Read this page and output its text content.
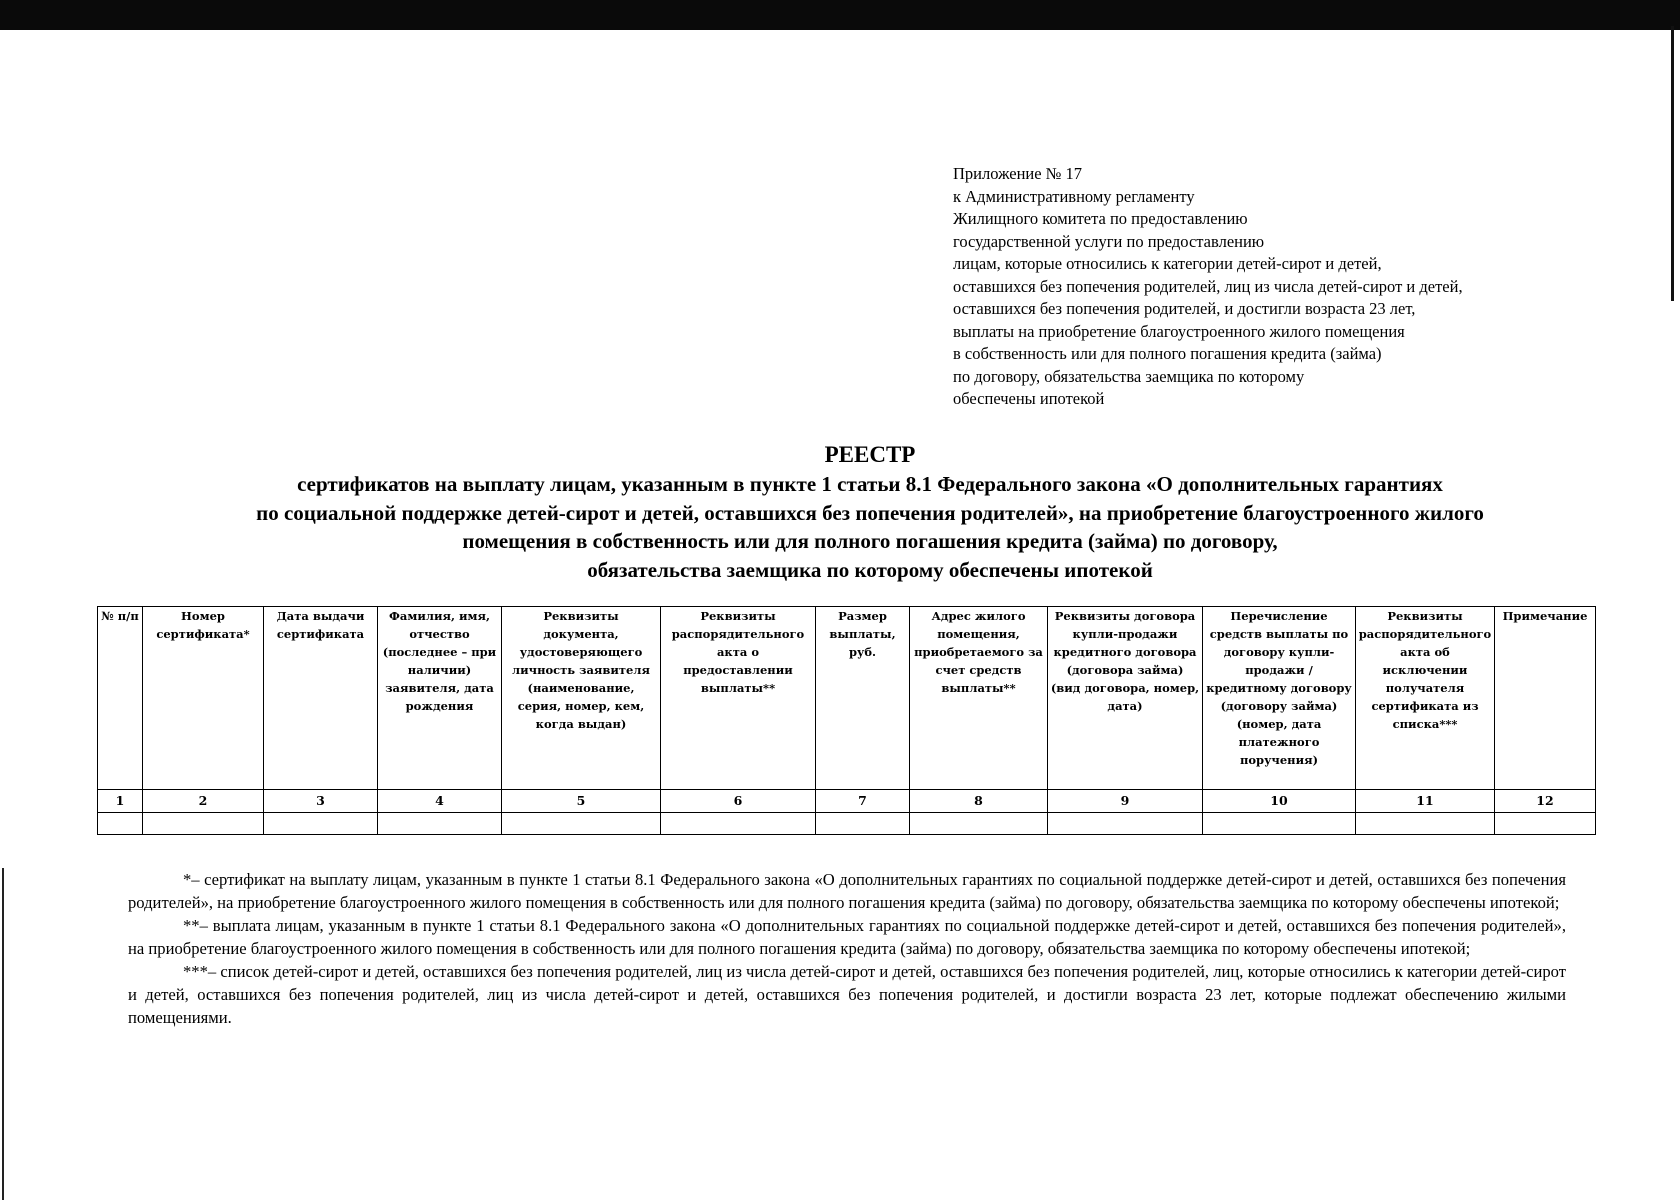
Приложение № 17
к Административному регламенту
Жилищного комитета по предоставлению
государственной услуги по предоставлению
лицам, которые относились к категории детей-сирот и детей,
оставшихся без попечения родителей, лиц из числа детей-сирот и детей,
оставшихся без попечения родителей, и достигли возраста 23 лет,
выплаты на приобретение благоустроенного жилого помещения
в собственность или для полного погашения кредита (займа)
по договору, обязательства заемщика по которому
обеспечены ипотекой
РЕЕСТР
сертификатов на выплату лицам, указанным в пункте 1 статьи 8.1 Федерального закона «О дополнительных гарантиях
по социальной поддержке детей-сирот и детей, оставшихся без попечения родителей», на приобретение благоустроенного жилого
помещения в собственность или для полного погашения кредита (займа) по договору,
обязательства заемщика по которому обеспечены ипотекой
№ п/п	Номер сертификата*	Дата выдачи сертификата	Фамилия, имя, отчество (последнее – при наличии) заявителя, дата рождения	Реквизиты документа, удостоверяющего личность заявителя (наименование, серия, номер, кем, когда выдан)	Реквизиты распорядительного акта о предоставлении выплаты**	Размер выплаты, руб.	Адрес жилого помещения, приобретаемого за счет средств выплаты**	Реквизиты договора купли-продажи кредитного договора (договора займа) (вид договора, номер, дата)	Перечисление средств выплаты по договору купли-продажи / кредитному договору (договору займа) (номер, дата платежного поручения)	Реквизиты распорядительного акта об исключении получателя сертификата из списка***	Примечание
1	2	3	4	5	6	7	8	9	10	11	12

*– сертификат на выплату лицам, указанным в пункте 1 статьи 8.1 Федерального закона «О дополнительных гарантиях по социальной поддержке детей-сирот и детей, оставшихся без попечения родителей», на приобретение благоустроенного жилого помещения в собственность или для полного погашения кредита (займа) по договору, обязательства заемщика по которому обеспечены ипотекой;

**– выплата лицам, указанным в пункте 1 статьи 8.1 Федерального закона «О дополнительных гарантиях по социальной поддержке детей-сирот и детей, оставшихся без попечения родителей», на приобретение благоустроенного жилого помещения в собственность или для полного погашения кредита (займа) по договору, обязательства заемщика по которому обеспечены ипотекой;

***– список детей-сирот и детей, оставшихся без попечения родителей, лиц из числа детей-сирот и детей, оставшихся без попечения родителей, лиц, которые относились к категории детей-сирот и детей, оставшихся без попечения родителей, лиц из числа детей-сирот и детей, оставшихся без попечения родителей, и достигли возраста 23 лет, которые подлежат обеспечению жилыми помещениями.
